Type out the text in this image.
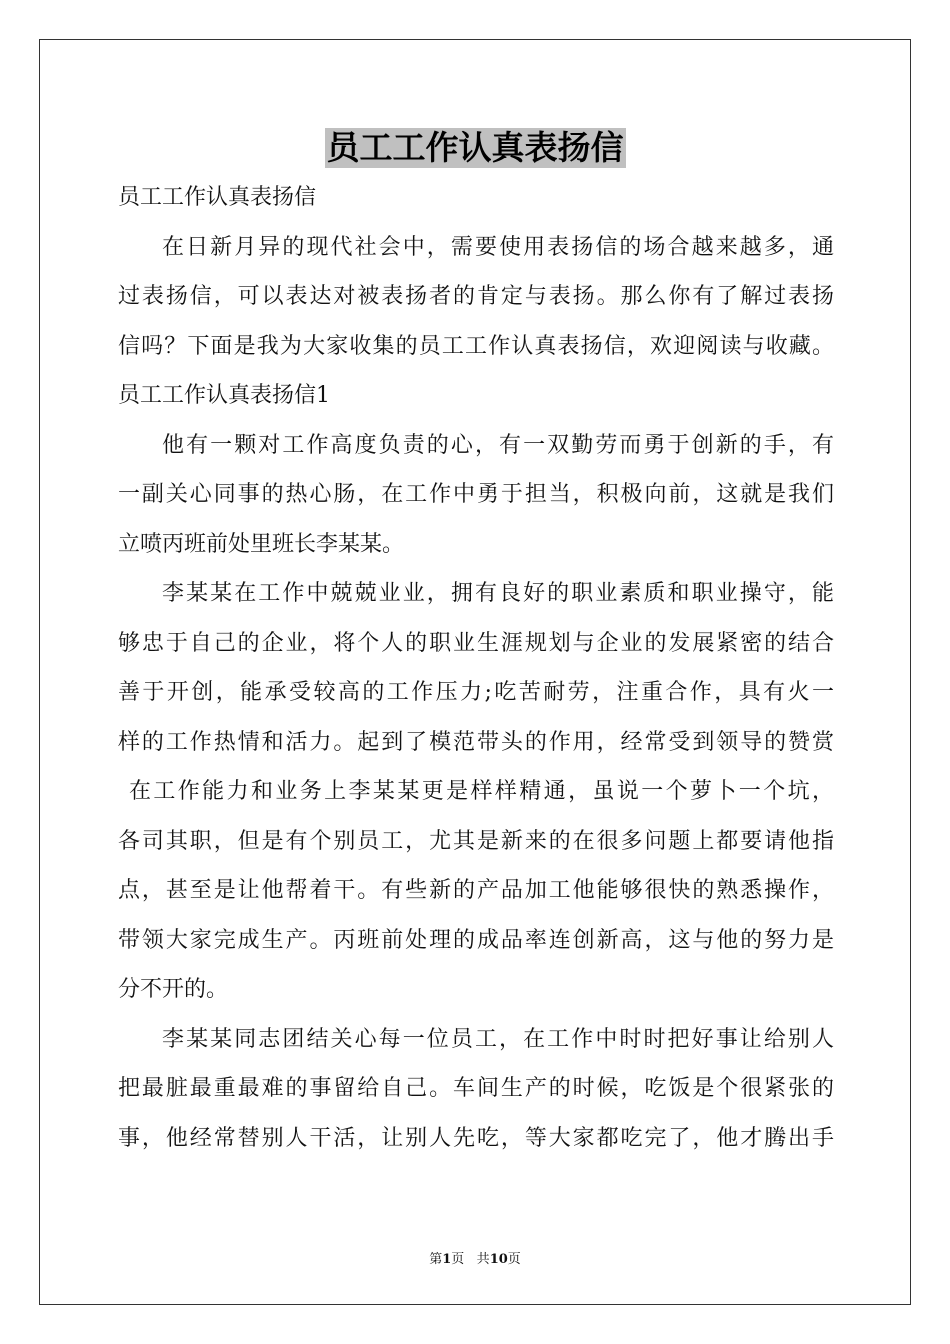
员工工作认真表扬信
员工工作认真表扬信
在日新月异的现代社会中，需要使用表扬信的场合越来越多，通
过表扬信，可以表达对被表扬者的肯定与表扬。那么你有了解过表扬
信吗？下面是我为大家收集的员工工作认真表扬信，欢迎阅读与收藏。
员工工作认真表扬信1
他有一颗对工作高度负责的心，有一双勤劳而勇于创新的手，有
一副关心同事的热心肠，在工作中勇于担当，积极向前，这就是我们
立喷丙班前处里班长李某某。
李某某在工作中兢兢业业，拥有良好的职业素质和职业操守，能
够忠于自己的企业，将个人的职业生涯规划与企业的发展紧密的结合
善于开创，能承受较高的工作压力;吃苦耐劳，注重合作，具有火一
样的工作热情和活力。起到了模范带头的作用，经常受到领导的赞赏
在工作能力和业务上李某某更是样样精通，虽说一个萝卜一个坑，
各司其职，但是有个别员工，尤其是新来的在很多问题上都要请他指
点，甚至是让他帮着干。有些新的产品加工他能够很快的熟悉操作，
带领大家完成生产。丙班前处理的成品率连创新高，这与他的努力是
分不开的。
李某某同志团结关心每一位员工，在工作中时时把好事让给别人
把最脏最重最难的事留给自己。车间生产的时候，吃饭是个很紧张的
事，他经常替别人干活，让别人先吃，等大家都吃完了，他才腾出手
第1页 共10页
